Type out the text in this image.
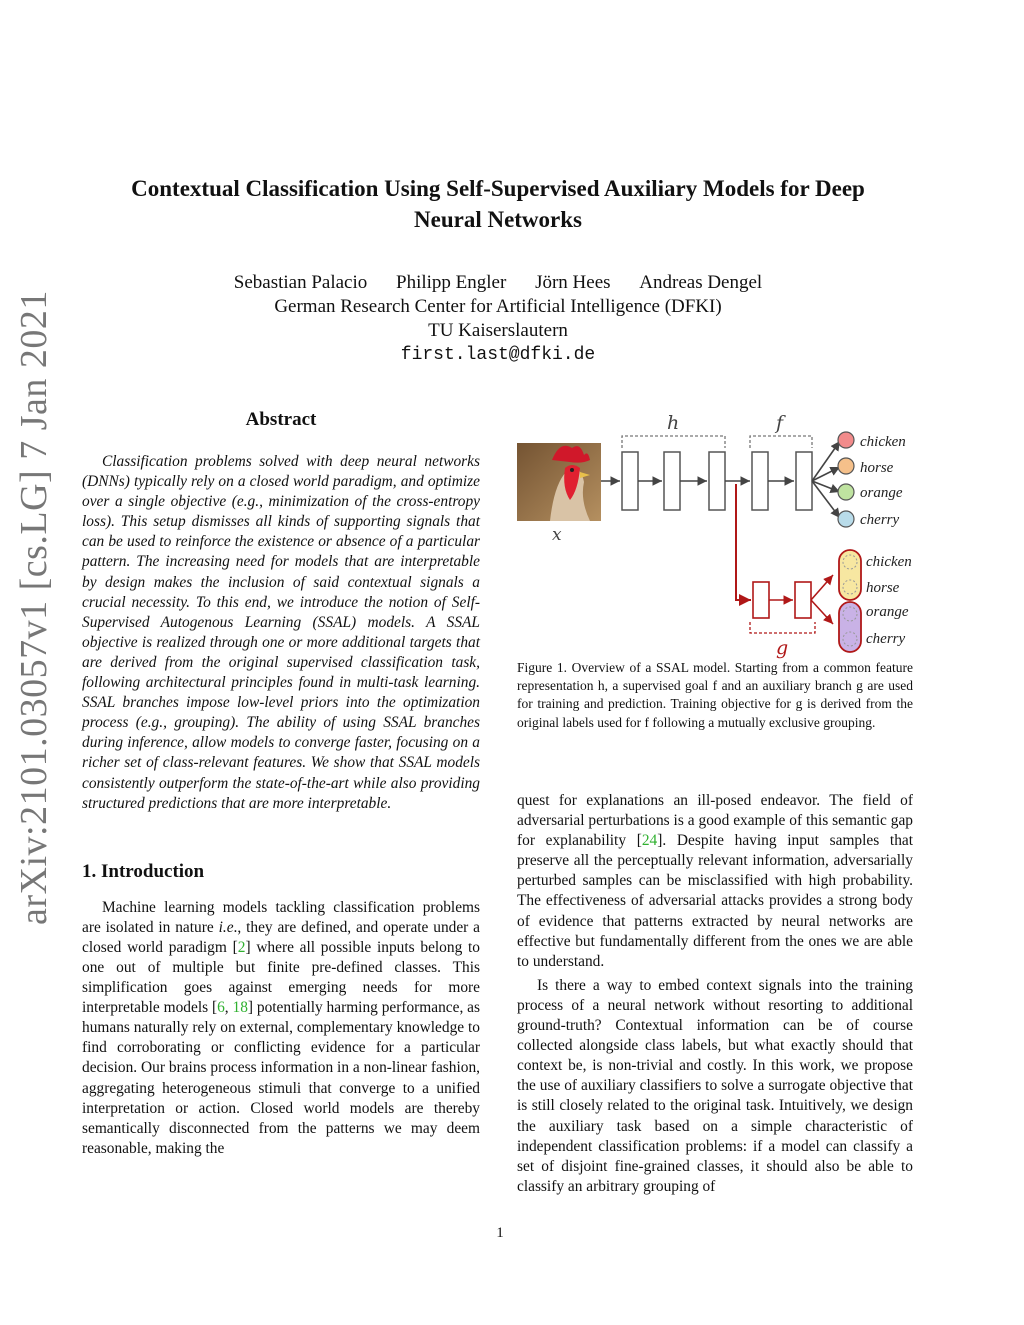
arXiv:2101.03057v1 [cs.LG] 7 Jan 2021
Contextual Classification Using Self-Supervised Auxiliary Models for Deep Neural Networks
Sebastian Palacio Philipp Engler Jörn Hees Andreas Dengel
German Research Center for Artificial Intelligence (DFKI)
TU Kaiserslautern
first.last@dfki.de
Abstract

Classification problems solved with deep neural networks (DNNs) typically rely on a closed world paradigm, and optimize over a single objective (e.g., minimization of the cross-entropy loss). This setup dismisses all kinds of supporting signals that can be used to reinforce the existence or absence of a particular pattern. The increasing need for models that are interpretable by design makes the inclusion of said contextual signals a crucial necessity. To this end, we introduce the notion of Self-Supervised Autogenous Learning (SSAL) models. A SSAL objective is realized through one or more additional targets that are derived from the original supervised classification task, following architectural principles found in multi-task learning. SSAL branches impose low-level priors into the optimization process (e.g., grouping). The ability of using SSAL branches during inference, allow models to converge faster, focusing on a richer set of class-relevant features. We show that SSAL models consistently outperform the state-of-the-art while also providing structured predictions that are more interpretable.

1. Introduction

Machine learning models tackling classification problems are isolated in nature i.e., they are defined, and operate under a closed world paradigm [2] where all possible inputs belong to one out of multiple but finite pre-defined classes. This simplification goes against emerging needs for more interpretable models [6, 18] potentially harming performance, as humans naturally rely on external, complementary knowledge to find corroborating or conflicting evidence for a particular decision. Our brains process information in a non-linear fashion, aggregating heterogeneous stimuli that converge to a unified interpretation or action. Closed world models are thereby semantically disconnected from the patterns we may deem reasonable, making the

x
h	f
chicken
horse
orange
cherry
g
chicken
horse
orange
cherry
Figure 1. Overview of a SSAL model. Starting from a common feature representation h, a supervised goal f and an auxiliary branch g are used for training and prediction. Training objective for g is derived from the original labels used for f following a mutually exclusive grouping.

quest for explanations an ill-posed endeavor. The field of adversarial perturbations is a good example of this semantic gap for explanability [24]. Despite having input samples that preserve all the perceptually relevant information, adversarially perturbed samples can be misclassified with high probability. The effectiveness of adversarial attacks provides a strong body of evidence that patterns extracted by neural networks are effective but fundamentally different from the ones we are able to understand.

Is there a way to embed context signals into the training process of a neural network without resorting to additional ground-truth? Contextual information can be of course collected alongside class labels, but what exactly should that context be, is non-trivial and costly. In this work, we propose the use of auxiliary classifiers to solve a surrogate objective that is still closely related to the original task. Intuitively, we design the auxiliary task based on a simple characteristic of independent classification problems: if a model can classify a set of disjoint fine-grained classes, it should also be able to classify an arbitrary grouping of

1
